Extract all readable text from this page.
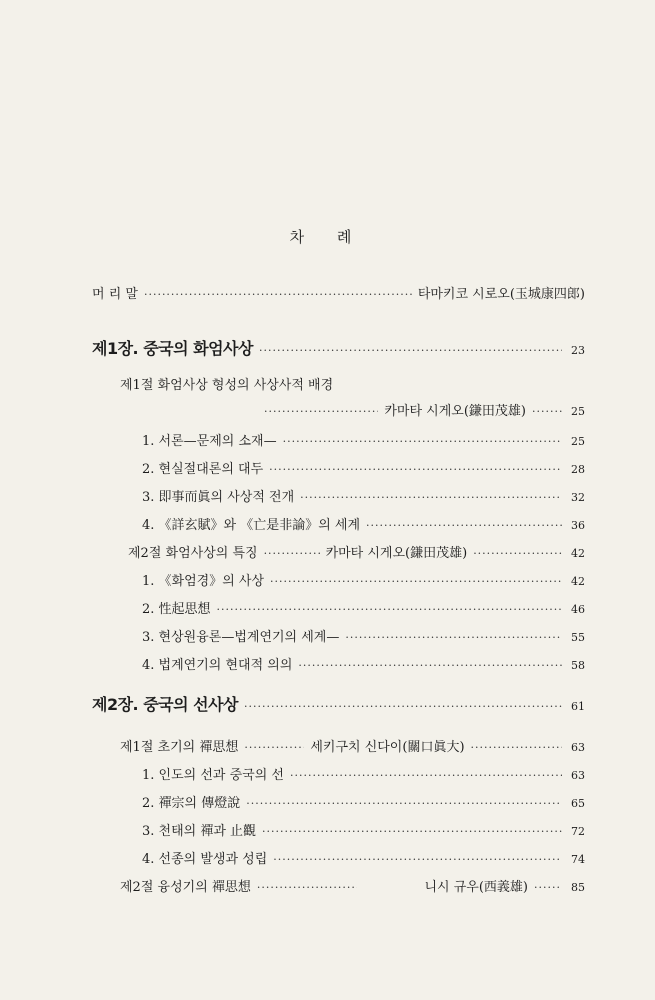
차 례
머 리 말 ·····	타마키코 시로오(玉城康四郎)
제1장. 중국의 화엄사상 ·····	23
제1절 화엄사상 형성의 사상사적 배경
·····
카마타 시게오(鎌田茂雄) ·····	25
1. 서론—문제의 소재— ·····	25
2. 현실절대론의 대두 ·····	28
3. 即事而眞의 사상적 전개 ·····	32
4. 《詳玄賦》와 《亡是非論》의 세계 ·····	36
제2절 화엄사상의 특징 ·····	카마타 시게오(鎌田茂雄) ·····	42
1. 《화엄경》의 사상 ·····	42
2. 性起思想 ·····	46
3. 현상원융론—법계연기의 세계— ·····	55
4. 법계연기의 현대적 의의 ·····	58
제2장. 중국의 선사상 ·····	61
제1절 초기의 禪思想 ·····	세키구치 신다이(關口眞大) ·····	63
1. 인도의 선과 중국의 선 ·····	63
2. 禪宗의 傳燈說 ·····	65
3. 천태의 禪과 止觀 ·····	72
4. 선종의 발생과 성립 ·····	74
제2절 융성기의 禪思想 ·····	니시 규우(西義雄) ·····	85
